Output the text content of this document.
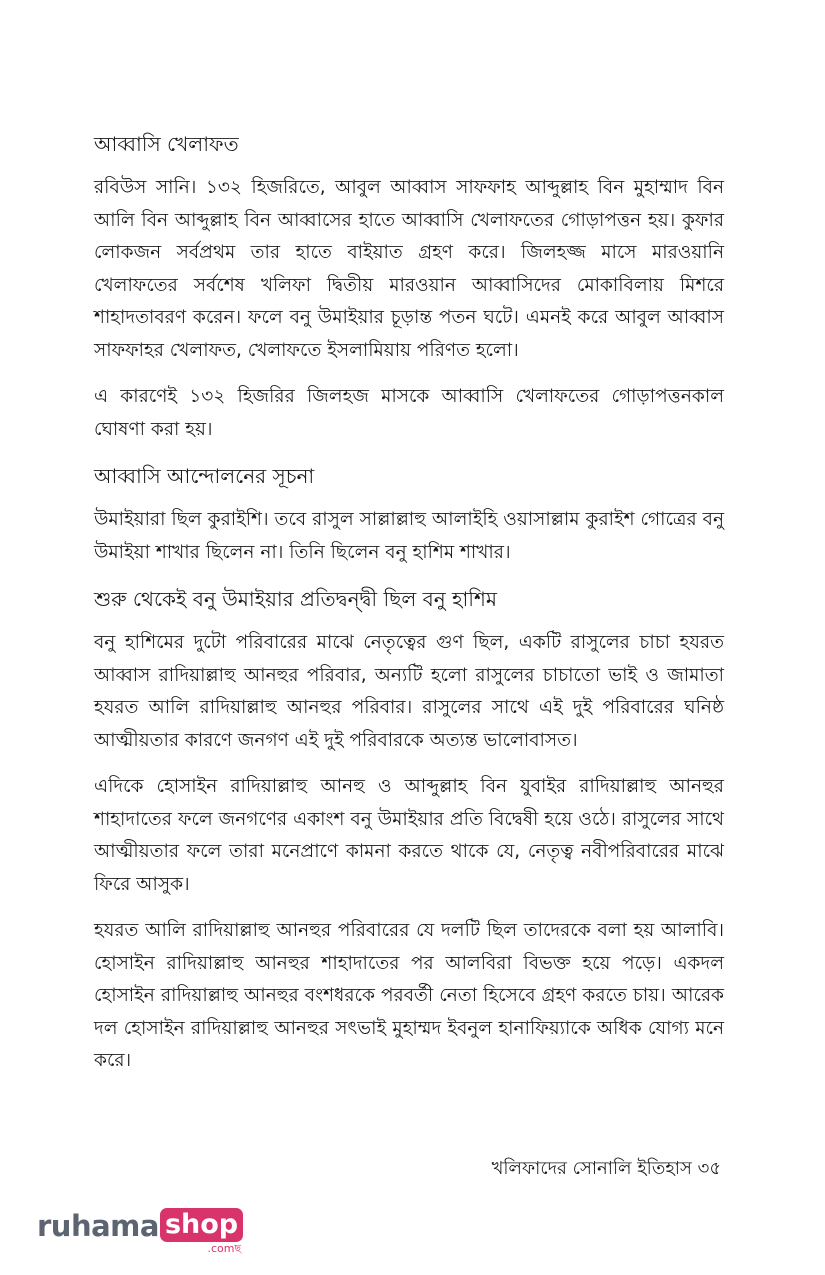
আব্বাসি খেলাফত

রবিউস সানি। ১৩২ হিজরিতে, আবুল আব্বাস সাফফাহ আব্দুল্লাহ বিন মুহাম্মাদ বিন আলি বিন আব্দুল্লাহ বিন আব্বাসের হাতে আব্বাসি খেলাফতের গোড়াপত্তন হয়। কুফার লোকজন সর্বপ্রথম তার হাতে বাইয়াত গ্রহণ করে। জিলহজ্জ মাসে মারওয়ানি খেলাফতের সর্বশেষ খলিফা দ্বিতীয় মারওয়ান আব্বাসিদের মোকাবিলায় মিশরে শাহাদতাবরণ করেন। ফলে বনু উমাইয়ার চূড়ান্ত পতন ঘটে। এমনই করে আবুল আব্বাস সাফফাহর খেলাফত, খেলাফতে ইসলামিয়ায় পরিণত হলো।

এ কারণেই ১৩২ হিজরির জিলহজ মাসকে আব্বাসি খেলাফতের গোড়াপত্তনকাল ঘোষণা করা হয়।

আব্বাসি আন্দোলনের সূচনা

উমাইয়ারা ছিল কুরাইশি। তবে রাসুল সাল্লাল্লাহু আলাইহি ওয়াসাল্লাম কুরাইশ গোত্রের বনু উমাইয়া শাখার ছিলেন না। তিনি ছিলেন বনু হাশিম শাখার।

শুরু থেকেই বনু উমাইয়ার প্রতিদ্বন্দ্বী ছিল বনু হাশিম

বনু হাশিমের দুটো পরিবারের মাঝে নেতৃত্বের গুণ ছিল, একটি রাসুলের চাচা হযরত আব্বাস রাদিয়াল্লাহু আনহুর পরিবার, অন্যটি হলো রাসুলের চাচাতো ভাই ও জামাতা হযরত আলি রাদিয়াল্লাহু আনহুর পরিবার। রাসুলের সাথে এই দুই পরিবারের ঘনিষ্ঠ আত্মীয়তার কারণে জনগণ এই দুই পরিবারকে অত্যন্ত ভালোবাসত।

এদিকে হোসাইন রাদিয়াল্লাহু আনহু ও আব্দুল্লাহ বিন যুবাইর রাদিয়াল্লাহু আনহুর শাহাদাতের ফলে জনগণের একাংশ বনু উমাইয়ার প্রতি বিদ্বেষী হয়ে ওঠে। রাসুলের সাথে আত্মীয়তার ফলে তারা মনেপ্রাণে কামনা করতে থাকে যে, নেতৃত্ব নবীপরিবারের মাঝে ফিরে আসুক।

হযরত আলি রাদিয়াল্লাহু আনহুর পরিবারের যে দলটি ছিল তাদেরকে বলা হয় আলাবি। হোসাইন রাদিয়াল্লাহু আনহুর শাহাদাতের পর আলবিরা বিভক্ত হয়ে পড়ে। একদল হোসাইন রাদিয়াল্লাহু আনহুর বংশধরকে পরবর্তী নেতা হিসেবে গ্রহণ করতে চায়। আরেক দল হোসাইন রাদিয়াল্লাহু আনহুর সৎভাই মুহাম্মদ ইবনুল হানাফিয়্যাকে অধিক যোগ্য মনে করে।

খলিফাদের সোনালি ইতিহাস ৩৫
ruhama shop
.comছ
